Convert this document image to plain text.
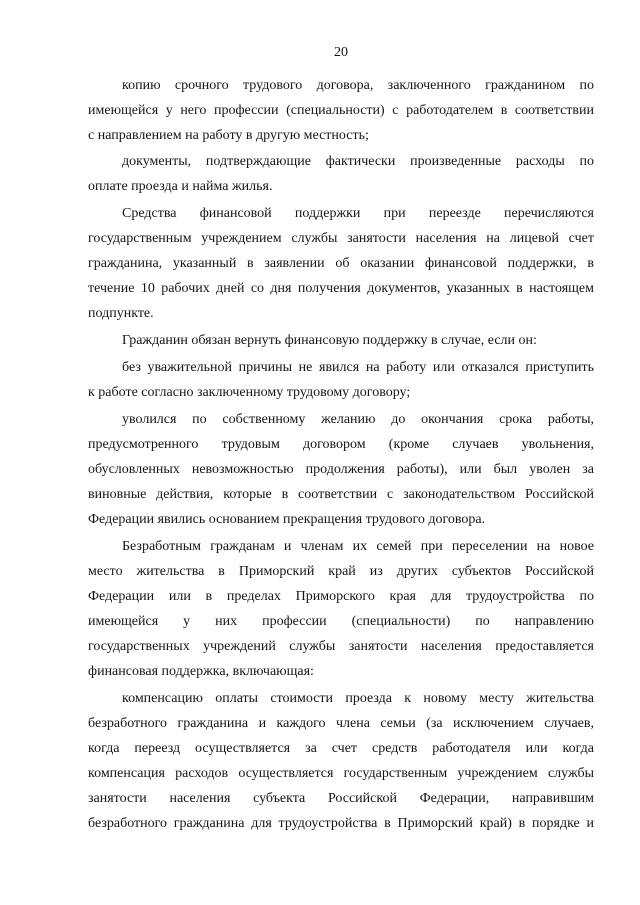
20
копию срочного трудового договора, заключенного гражданином по
имеющейся у него профессии (специальности) с работодателем в соответствии
с направлением на работу в другую местность;
документы, подтверждающие фактически произведенные расходы по
оплате проезда и найма жилья.
Средства финансовой поддержки при переезде перечисляются
государственным учреждением службы занятости населения на лицевой счет
гражданина, указанный в заявлении об оказании финансовой поддержки, в
течение 10 рабочих дней со дня получения документов, указанных в настоящем
подпункте.
Гражданин обязан вернуть финансовую поддержку в случае, если он:
без уважительной причины не явился на работу или отказался приступить
к работе согласно заключенному трудовому договору;
уволился по собственному желанию до окончания срока работы,
предусмотренного трудовым договором (кроме случаев увольнения,
обусловленных невозможностью продолжения работы), или был уволен за
виновные действия, которые в соответствии с законодательством Российской
Федерации явились основанием прекращения трудового договора.
Безработным гражданам и членам их семей при переселении на новое
место жительства в Приморский край из других субъектов Российской
Федерации или в пределах Приморского края для трудоустройства по
имеющейся у них профессии (специальности) по направлению
государственных учреждений службы занятости населения предоставляется
финансовая поддержка, включающая:
компенсацию оплаты стоимости проезда к новому месту жительства
безработного гражданина и каждого члена семьи (за исключением случаев,
когда переезд осуществляется за счет средств работодателя или когда
компенсация расходов осуществляется государственным учреждением службы
занятости населения субъекта Российской Федерации, направившим
безработного гражданина для трудоустройства в Приморский край) в порядке и
